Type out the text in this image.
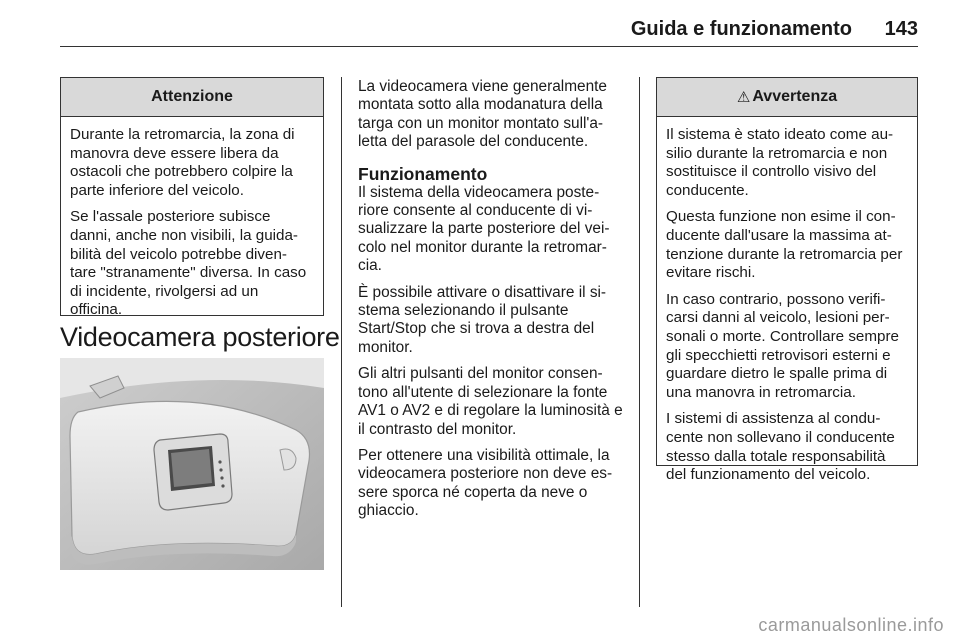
Guida e funzionamento 143
Attenzione

Durante la retromarcia, la zona di manovra deve essere libera da ostacoli che potrebbero colpire la parte inferiore del veicolo.

Se l'assale posteriore subisce danni, anche non visibili, la guida- bilità del veicolo potrebbe diven- tare "stranamente" diversa. In caso di incidente, rivolgersi ad un officina.

Videocamera posteriore

La videocamera viene generalmente montata sotto alla modanatura della targa con un monitor montato sull'a- letta del parasole del conducente.

Funzionamento

Il sistema della videocamera poste- riore consente al conducente di vi- sualizzare la parte posteriore del vei- colo nel monitor durante la retromar- cia.

È possibile attivare o disattivare il si- stema selezionando il pulsante Start/Stop che si trova a destra del monitor.

Gli altri pulsanti del monitor consen- tono all'utente di selezionare la fonte AV1 o AV2 e di regolare la luminosità e il contrasto del monitor.

Per ottenere una visibilità ottimale, la videocamera posteriore non deve es- sere sporca né coperta da neve o ghiaccio.

⚠ Avvertenza

Il sistema è stato ideato come au- silio durante la retromarcia e non sostituisce il controllo visivo del conducente.

Questa funzione non esime il con- ducente dall'usare la massima at- tenzione durante la retromarcia per evitare rischi.

In caso contrario, possono verifi- carsi danni al veicolo, lesioni per- sonali o morte. Controllare sempre gli specchietti retrovisori esterni e guardare dietro le spalle prima di una manovra in retromarcia.

I sistemi di assistenza al condu- cente non sollevano il conducente stesso dalla totale responsabilità del funzionamento del veicolo.

carmanualsonline.info
